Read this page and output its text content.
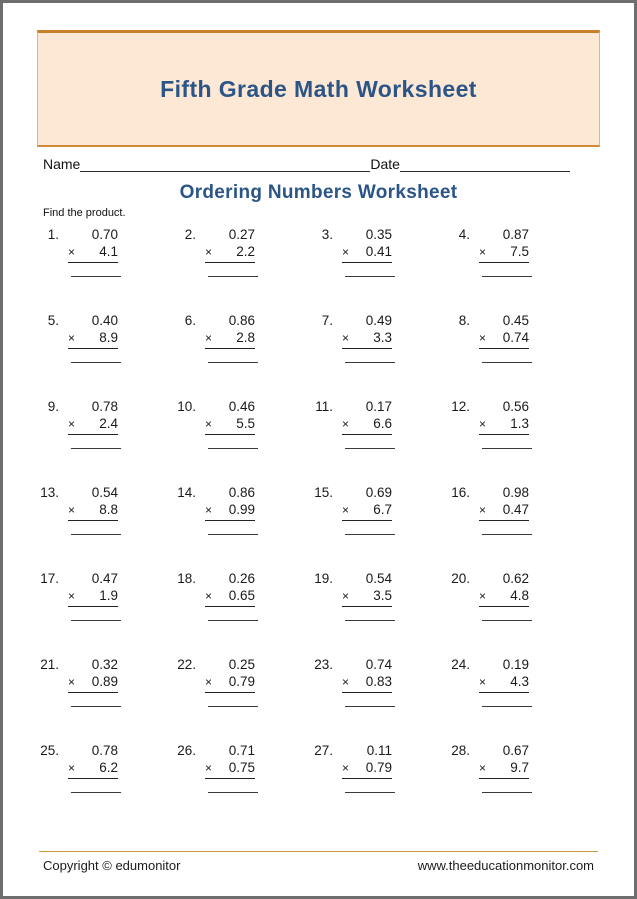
Fifth Grade Math Worksheet
Name	Date
Ordering Numbers Worksheet
Find the product.
1.	0.70
× 4.1
2.	0.27
× 2.2
3.	0.35
× 0.41
4.	0.87
× 7.5
5.	0.40
× 8.9
6.	0.86
× 2.8
7.	0.49
× 3.3
8.	0.45
× 0.74
9.	0.78
× 2.4
10.	0.46
× 5.5
11.	0.17
× 6.6
12.	0.56
× 1.3
13.	0.54
× 8.8
14.	0.86
× 0.99
15.	0.69
× 6.7
16.	0.98
× 0.47
17.	0.47
× 1.9
18.	0.26
× 0.65
19.	0.54
× 3.5
20.	0.62
× 4.8
21.	0.32
× 0.89
22.	0.25
× 0.79
23.	0.74
× 0.83
24.	0.19
× 4.3
25.	0.78
× 6.2
26.	0.71
× 0.75
27.	0.11
× 0.79
28.	0.67
× 9.7
Copyright © edumonitor	www.theeducationmonitor.com
